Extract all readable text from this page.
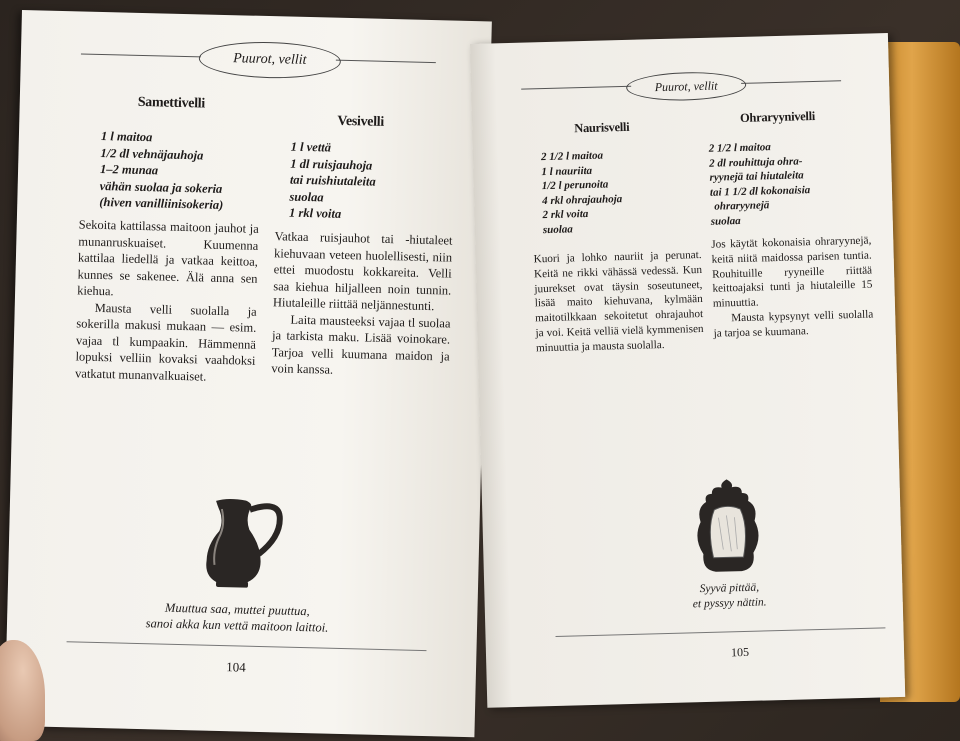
Puurot, vellit
Samettivelli
Vesivelli
1 l maitoa
1/2 dl vehnäjauhoja
1–2 munaa
vähän suolaa ja sokeria
(hiven vanilliinisokeria)
1 l vettä
1 dl ruisjauhoja
tai ruishiutaleita
suolaa
1 rkl voita

Sekoita kattilassa maitoon jauhot ja munanruskuaiset. Kuumenna kattilaa liedellä ja vatkaa keittoa, kunnes se sakenee. Älä anna sen kiehua.

Mausta velli suolalla ja sokerilla makusi mukaan — esim. vajaa tl kumpaakin. Hämmennä lopuksi velliin kovaksi vaahdoksi vatkatut munanvalkuaiset.

Vatkaa ruisjauhot tai -hiutaleet kiehuvaan veteen huolellisesti, niin ettei muodostu kokkareita. Velli saa kiehua hiljalleen noin tunnin. Hiutaleille riittää neljännestunti.

Laita mausteeksi vajaa tl suolaa ja tarkista maku. Lisää voinokare. Tarjoa velli kuumana maidon ja voin kanssa.

Muuttua saa, muttei puuttua,
sanoi akka kun vettä maitoon laittoi.
104
Puurot, vellit
Naurisvelli
Ohraryynivelli
2 1/2 l maitoa
1 l nauriita
1/2 l perunoita
4 rkl ohrajauhoja
2 rkl voita
suolaa
2 1/2 l maitoa
2 dl rouhittuja ohra-
ryynejä tai hiutaleita
tai 1 1/2 dl kokonaisia
ohraryynejä
suolaa

Kuori ja lohko nauriit ja perunat. Keitä ne rikki vähässä vedessä. Kun juurekset ovat täysin soseutuneet, lisää maito kiehuvana, kylmään maitotilkkaan sekoitetut ohrajauhot ja voi. Keitä velliä vielä kymmenisen minuuttia ja mausta suolalla.

Jos käytät kokonaisia ohraryynejä, keitä niitä maidossa parisen tuntia. Rouhituille ryyneille riittää keittoajaksi tunti ja hiutaleille 15 minuuttia.

Mausta kypsynyt velli suolalla ja tarjoa se kuumana.

Syyvä pittää,
et pyssyy nättin.
105
